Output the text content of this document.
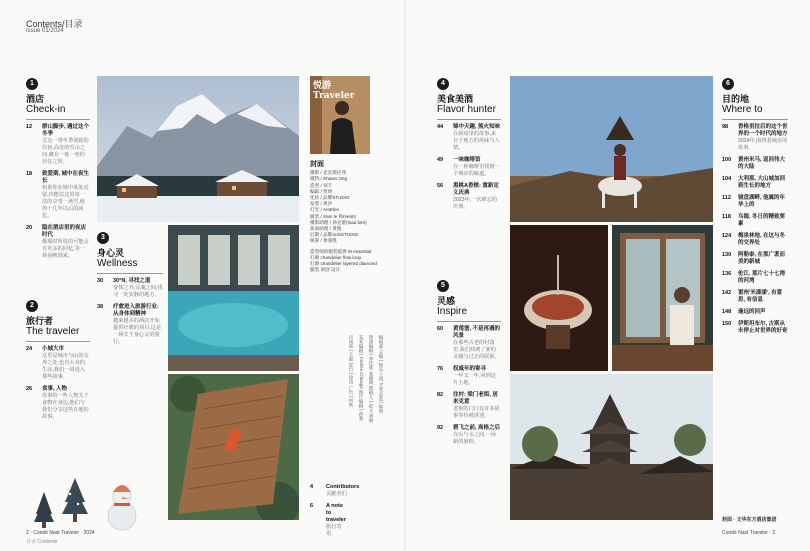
Contents/目录
Issue 01/2024
1
酒店
Check-in
12	群山脚步, 遇过这个冬季
艾克一带冬季别致的住宿,高处的雪山之间,藏有一栋一座的居住之所。
18	致爱期, 城中在夜生长
如果你在城中某处逗留,你能以这里每一次的享受一场雪,值得十几年以后的回忆。
20	隐在酒店里的夜店时代
像那时所说的可能会有更多的回忆,等一场夜晚到来。
2
旅行者
The traveler
24	小城大市
这里是城市与山的交界之处,也有大众的生活,我们一同进入那些故事。
26	食事, 人物
故事的一些人物关于食物在身边,他们与我们分享这些在地的故事。
3
身心灵
Wellness
30	30°N, 寻找之道
身体之外,灵魂之间,找寻一处安静的地方。
38	疗愈进入旅游行业: 从身体到精神
越来越多的酒店开始提供疗愈的项目,这是一场关于身心灵的旅行。
悦游 Traveler
封面
摄影 / 克里斯托弗
模特 / Shawn Ong
造型 / 刘丰
编辑 / 贾妍
化妆 / 品牌STUDIO
发型 / 黄沙
灯光 / AmElen
服装 / Sam le 和ment4
摄影助理 / 孙克蕾(Isaa ben)
妆面助理 / 黄燕
后期 / 品牌JUSSTUDIO
统筹 / 黄睿凯
造型师的服装提供 M essential
灯源 chandelier flow loop
灯源 chandelier layered diamond
服装 原创 设计
编辑部 主编 | 杨乐 王琪 艺术总监 | 陈明
资深编辑 | 李佳欣 张晓明 撰稿人 | 赵文 刘丽
美术编辑 | Andrés Chicago 图片编辑 | 孙强
市场部 | 王磊 发行 | 徐涛 广告 | 何欣
4	Contributors
贡献者们
6	A note to traveler
旅行寄语
2 · Condé Nast Traveler · 2024
目录 Contents
4
美食美酒
Flavor hunter
44	锦中天趣, 熊火知味
在厨房里的故事,来自于地方的风味与人情。
49	一味咖啡馆
在一杯咖啡里找到一个城市的味道。
56	黑桃A香槟: 重新定义庆典
2023年,一次难忘的庆典。
5
灵感
Inspire
60	黄莲堡, 不是再遇的风景
在那些古老的村落里,我们找到了新的灵感与过去的联系。
76	权威年的寄寻
一年又一年,回到这片土地。
82	住村: 梁门老街, 居来克意
老街的门口有许多故事等待被讲述。
92	碧飞之前, 高格之后
在山与水之间,一场新的旅程。
6
目的地
Where to
98	香格里拉后的这个世界的一个时代的地方
2024年,围绕着城市的故事。
100	黄州米马, 返回伟大的大陆
104	大利那, 大山城加回到生长的地方
112	镜盘湖畔, 他属的年华上的
118	乌海, 冬日的精致要素
124	梅泉林地, 在这与冬的交界处
130	阿勒泰, 在那广袤而美的新城
136	伦江, 那片七十七湾的河湾
142	雷州'米漾漾', 有意思, 有信息
148	逢远的回声
150	伊斯坦布尔, 古斯从未停止对世界的好奇
封面 · 文华东方酒店集团
Condé Nast Traveler · 3
